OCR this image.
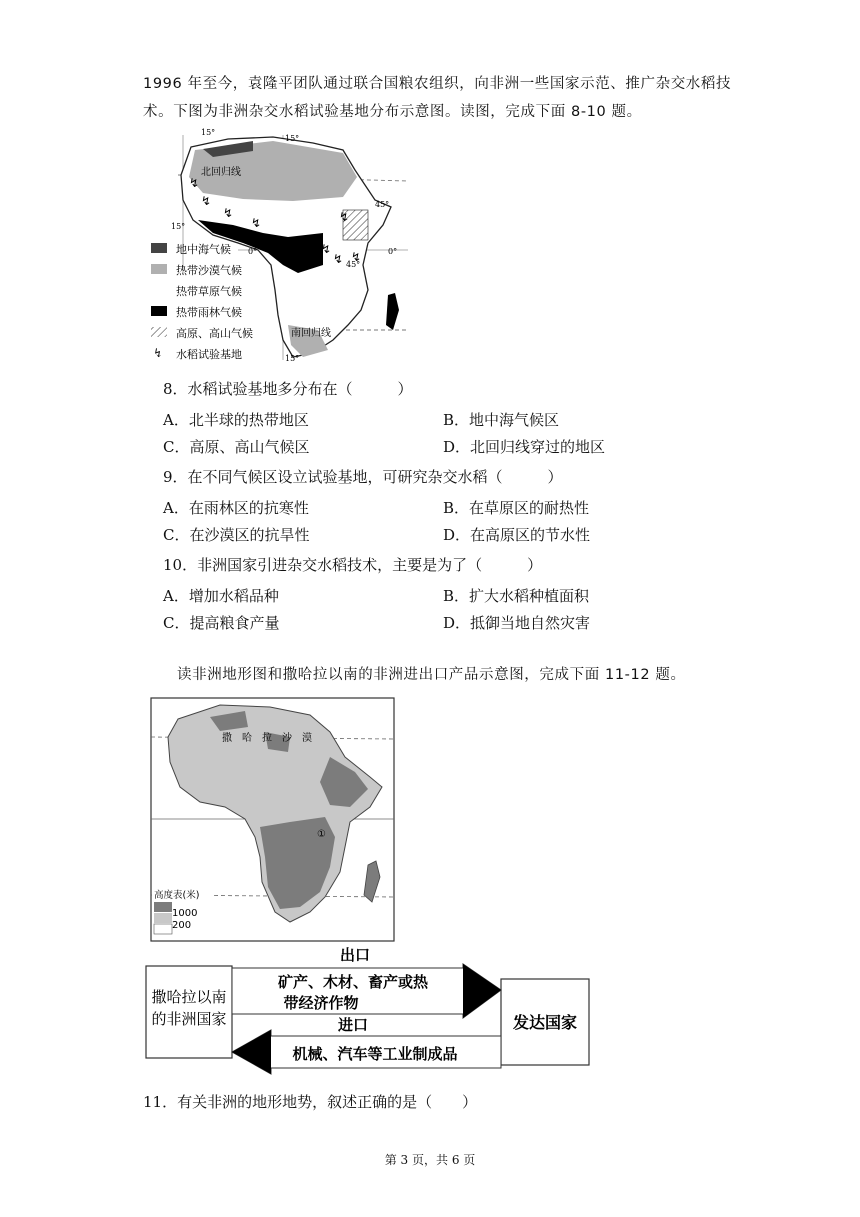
1996 年至今，袁隆平团队通过联合国粮农组织，向非洲一些国家示范、推广杂交水稻技术。下图为非洲杂交水稻试验基地分布示意图。读图，完成下面 8-10 题。
北回归线
南回归线
15°
15°
15°
45°
0°	0°
45°
15°
↯
↯
↯
↯
↯
↯ ↯
↯
↯
地中海气候
热带沙漠气候
热带草原气候
热带雨林气候
高原、高山气候
水稻试验基地
8．水稻试验基地多分布在（　　　）
A．北半球的热带地区	B．地中海气候区
C．高原、高山气候区	D．北回归线穿过的地区
9．在不同气候区设立试验基地，可研究杂交水稻（　　　）
A．在雨林区的抗寒性	B．在草原区的耐热性
C．在沙漠区的抗旱性	D．在高原区的节水性
10．非洲国家引进杂交水稻技术，主要是为了（　　　）
A．增加水稻品种	B．扩大水稻种植面积
C．提高粮食产量	D．抵御当地自然灾害
读非洲地形图和撒哈拉以南的非洲进出口产品示意图，完成下面 11-12 题。
撒　哈　拉　沙　漠
①
高度表(米)
1000
200
撒哈拉以南
的非洲国家	发达国家
出口
矿产、木材、畜产或热
带经济作物
进口
机械、汽车等工业制成品
11．有关非洲的地形地势，叙述正确的是（　　）
第 3 页，共 6 页
